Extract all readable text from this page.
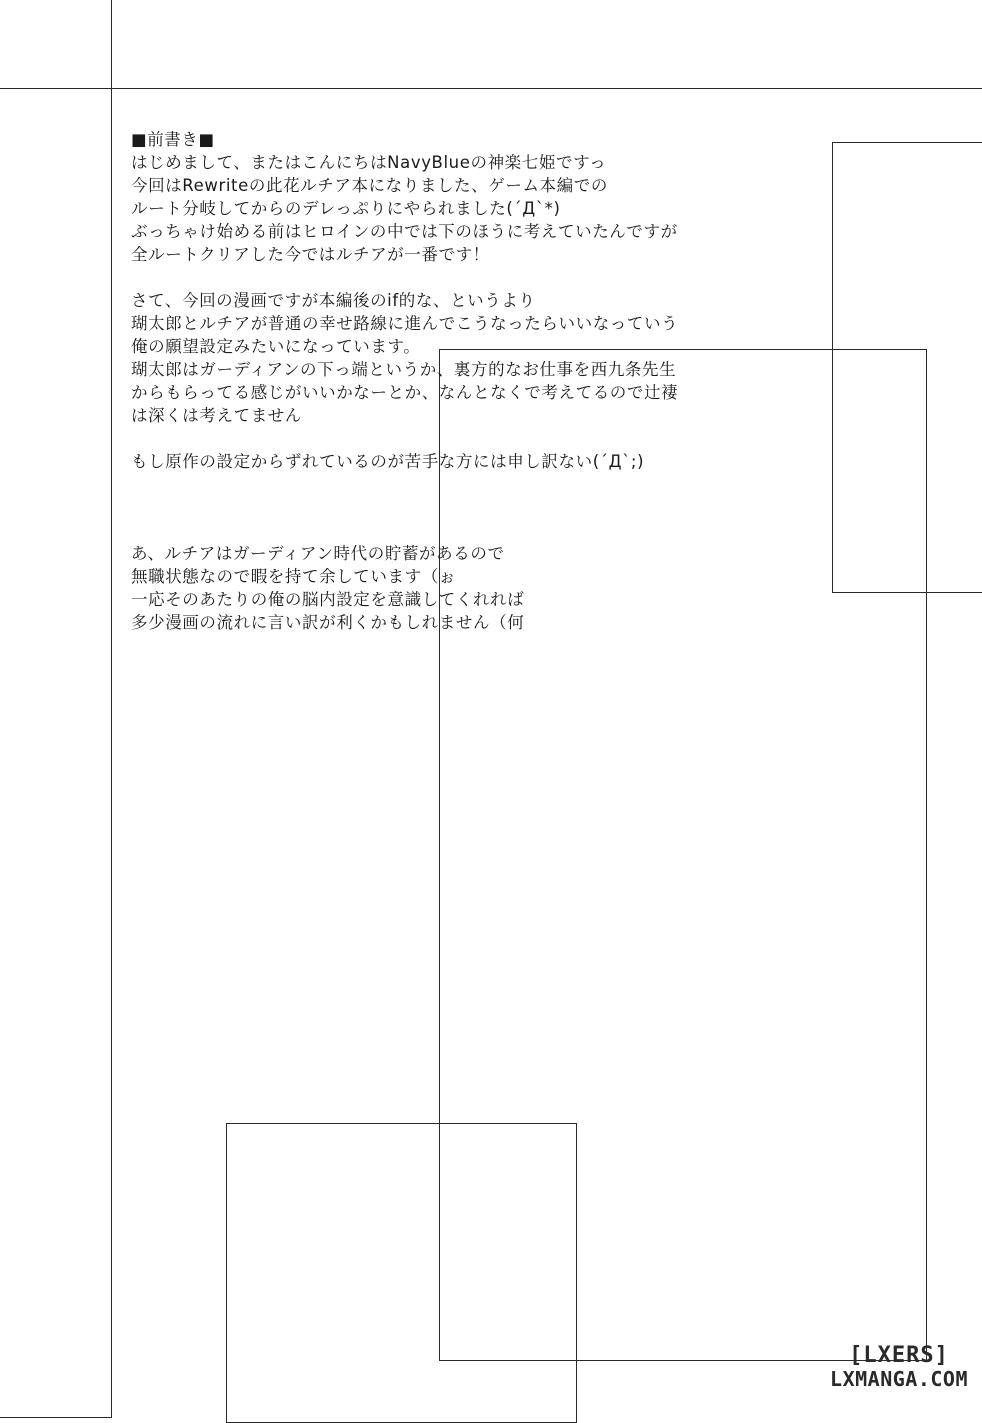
■前書き■
はじめまして、またはこんにちはNavyBlueの神楽七姫ですっ
今回はRewriteの此花ルチア本になりました、ゲーム本編での
ルート分岐してからのデレっぷりにやられました(´Д`*)
ぶっちゃけ始める前はヒロインの中では下のほうに考えていたんですが
全ルートクリアした今ではルチアが一番です！
さて、今回の漫画ですが本編後のif的な、というより
瑚太郎とルチアが普通の幸せ路線に進んでこうなったらいいなっていう
俺の願望設定みたいになっています。
瑚太郎はガーディアンの下っ端というか、裏方的なお仕事を西九条先生
からもらってる感じがいいかなーとか、なんとなくで考えてるので辻褄
は深くは考えてません
もし原作の設定からずれているのが苦手な方には申し訳ない(´Д`;)
あ、ルチアはガーディアン時代の貯蓄があるので
無職状態なので暇を持て余しています（ぉ
一応そのあたりの俺の脳内設定を意識してくれれば
多少漫画の流れに言い訳が利くかもしれません（何
[LXERS]
LXMANGA.COM
